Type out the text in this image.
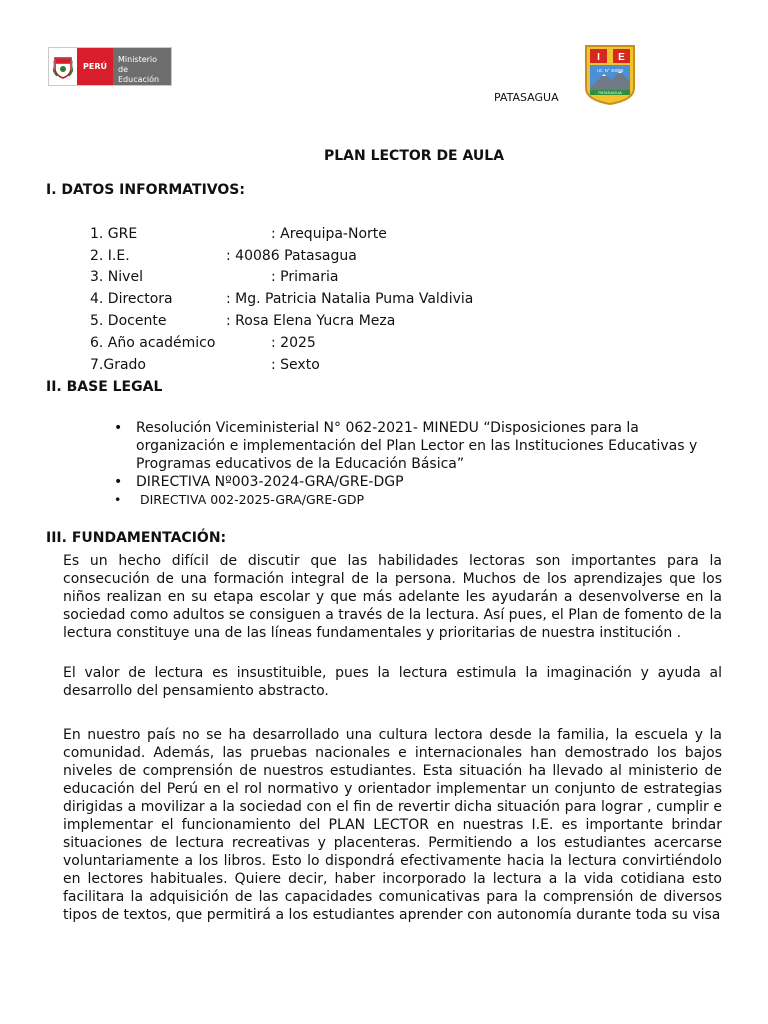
PERÚ
Ministerio
de Educación
I E
I.E. N° 40086
PATASAGUA
PATASAGUA
PLAN LECTOR DE AULA
I. DATOS INFORMATIVOS:
1. GRE	: Arequipa-Norte
2. I.E.	: 40086 Patasagua
3. Nivel	: Primaria
4. Directora	: Mg. Patricia Natalia Puma Valdivia
5. Docente	: Rosa Elena Yucra Meza
6. Año académico	: 2025
7.Grado	: Sexto
II. BASE LEGAL
• Resolución Viceministerial N° 062-2021- MINEDU “Disposiciones para la organización e implementación del Plan Lector en las Instituciones Educativas y Programas educativos de la Educación Básica”
• DIRECTIVA Nº003-2024-GRA/GRE-DGP
• DIRECTIVA 002-2025-GRA/GRE-GDP
III. FUNDAMENTACIÓN:

Es un hecho difícil de discutir que las habilidades lectoras son importantes para la consecución de una formación integral de la persona. Muchos de los aprendizajes que los niños realizan en su etapa escolar y que más adelante les ayudarán a desenvolverse en la sociedad como adultos se consiguen a través de la lectura. Así pues, el Plan de fomento de la lectura constituye una de las líneas fundamentales y prioritarias de nuestra institución .

El valor de lectura es insustituible, pues la lectura estimula la imaginación y ayuda al desarrollo del pensamiento abstracto.

En nuestro país no se ha desarrollado una cultura lectora desde la familia, la escuela y la comunidad. Además, las pruebas nacionales e internacionales han demostrado los bajos niveles de comprensión de nuestros estudiantes. Esta situación ha llevado al ministerio de educación del Perú en el rol normativo y orientador implementar un conjunto de estrategias dirigidas a movilizar a la sociedad con el fin de revertir dicha situación para lograr , cumplir e implementar el funcionamiento del PLAN LECTOR en nuestras I.E. es importante brindar situaciones de lectura recreativas y placenteras. Permitiendo a los estudiantes acercarse voluntariamente a los libros. Esto lo dispondrá efectivamente hacia la lectura convirtiéndolo en lectores habituales. Quiere decir, haber incorporado la lectura a la vida cotidiana esto facilitara la adquisición de las capacidades comunicativas para la comprensión de diversos tipos de textos, que permitirá a los estudiantes aprender con autonomía durante toda su visa
